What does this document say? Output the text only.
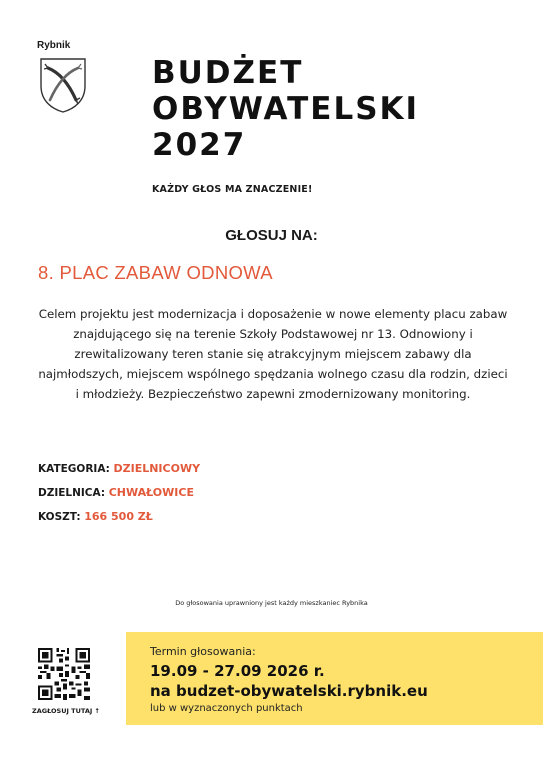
Rybnik
BUDŻET
OBYWATELSKI
2027
KAŻDY GŁOS MA ZNACZENIE!
GŁOSUJ NA:
8. PLAC ZABAW ODNOWA

Celem projektu jest modernizacja i doposażenie w nowe elementy placu zabaw znajdującego się na terenie Szkoły Podstawowej nr 13. Odnowiony i zrewitalizowany teren stanie się atrakcyjnym miejscem zabawy dla najmłodszych, miejscem wspólnego spędzania wolnego czasu dla rodzin, dzieci i młodzieży. Bezpieczeństwo zapewni zmodernizowany monitoring.

KATEGORIA: DZIELNICOWY
DZIELNICA: CHWAŁOWICE
KOSZT: 166 500 ZŁ
Do głosowania uprawniony jest każdy mieszkaniec Rybnika
ZAGŁOSUJ TUTAJ ↑
Termin głosowania:
19.09 - 27.09 2026 r.
na budzet-obywatelski.rybnik.eu
lub w wyznaczonych punktach
